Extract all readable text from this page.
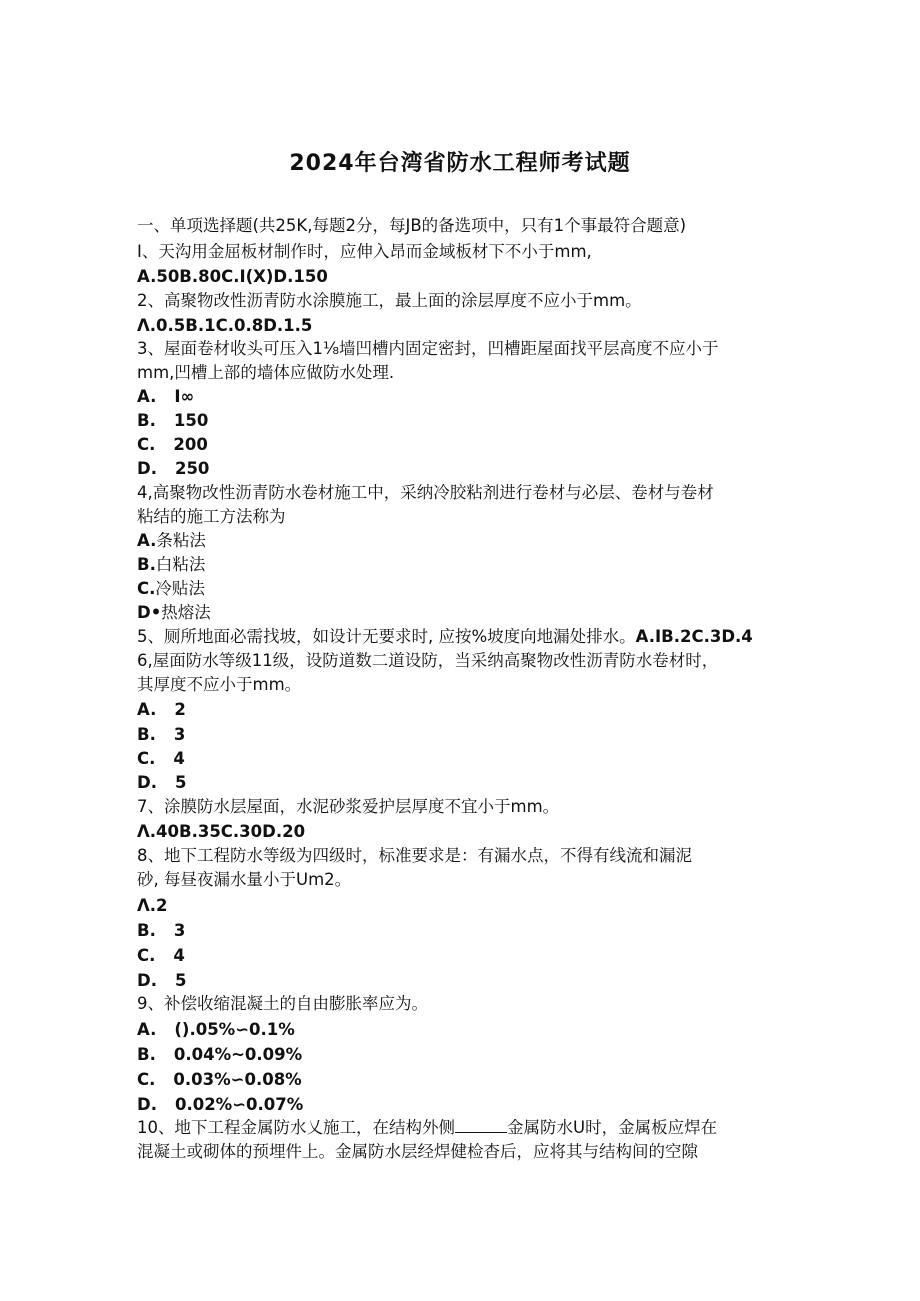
2024年台湾省防水工程师考试题
一、单项选择题(共25K,每题2分，每JB的备选项中，只有1个事最符合题意)
I、天沟用金屈板材制作时，应伸入昂而金域板材下不小于mm,
A.50B.80C.I(X)D.150
2、高聚物改性沥青防水涂膜施工，最上面的涂层厚度不应小于mm。
Λ.0.5B.1C.0.8D.1.5
3、屋面卷材收头可压入1⅛墙凹槽内固定密封，凹槽距屋面找平层高度不应小于
mm,凹槽上部的墙体应做防水处理.
A. I∞
B. 150
C. 200
D. 250
4,高聚物改性沥青防水卷材施工中，采纳冷胶粘剂进行卷材与必层、卷材与卷材
粘结的施工方法称为
A.条粘法
B.白粘法
C.冷贴法
D•热熔法
5、厕所地面必需找坡，如设计无要求时, 应按%坡度向地漏处排水。A.IB.2C.3D.4
6,屋面防水等级11级，设防道数二道设防，当采纳高聚物改性沥青防水卷材时，
其厚度不应小于mm。
A. 2
B. 3
C. 4
D. 5
7、涂膜防水层屋面，水泥砂浆爱护层厚度不宜小于mm。
Λ.40B.35C.30D.20
8、地下工程防水等级为四级时，标准要求是：有漏水点，不得有线流和漏泥
砂, 每昼夜漏水量小于Um2。
Λ.2
B. 3
C. 4
D. 5
9、补偿收缩混凝土的自由膨胀率应为。
A. ().05%∽0.1%
B. 0.04%~0.09%
C. 0.03%∽0.08%
D. 0.02%∽0.07%
10、地下工程金属防水乂施工，在结构外侧	金属防水U时，金属板应焊在
混凝土或砌体的预埋件上。金属防水层经焊健检杳后，应将其与结构间的空隙
